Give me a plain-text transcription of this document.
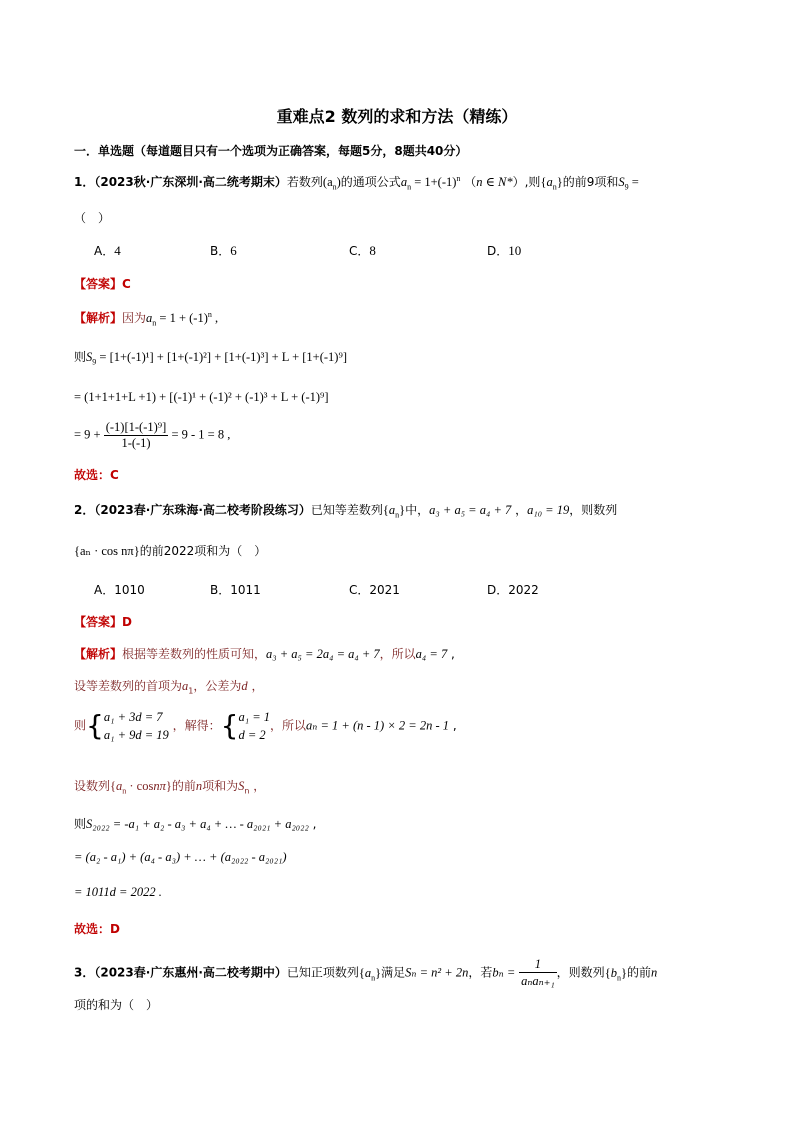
重难点2 数列的求和方法（精练）
一．单选题（每道题目只有一个选项为正确答案，每题5分，8题共40分）
1．（2023秋·广东深圳·高二统考期末）若数列$(a_n)$的通项公式$a_n = 1+(-1)^n$ （n ∈ N*）,则$\{a_n\}$的前9项和$S_9$ =
（　）
A．4	B．6	C．8	D．10
【答案】C
【解析】因为$a_n = 1 + (-1)^n$ ,
则$S_9 = [1+(-1)^1] + [1+(-1)^2] + [1+(-1)^3] + L + [1+(-1)^9]$
= (1+1+1+L +1) + [(-1)¹ + (-1)² + (-1)³ + L + (-1)⁹]
= $9 + \frac{\text{(-1)[1-(-1)⁹]}}{1-(-1)} = 9 - 1 = 8$ ,
故选：C
2．（2023春·广东珠海·高二校考阶段练习）已知等差数列$\{a_n\}$中，a₃ + a₅ = a₄ + 7 ，a₁₀ = 19，则数列
{aₙ · cos nπ}的前2022项和为（　）
A．1010	B．1011	C．2021	D．2022
【答案】D
【解析】根据等差数列的性质可知，a₃ + a₅ = 2a₄ = a₄ + 7，所以a₄ = 7 ,
设等差数列的首项为$a_1$，公差为d ，
则{ a₁ + 3d = 7
a₁ + 9d = 19
，解得：{ a₁ = 1
d = 2
，所以aₙ = 1 + (n - 1) × 2 = 2n - 1 ,
设数列$\{a_n \cdot \cos n\pi\}$的前n项和为$S_n$ ，
则S₂₀₂₂ = -a₁ + a₂ - a₃ + a₄ + … - a₂₀₂₁ + a₂₀₂₂ ,
= (a₂ - a₁) + (a₄ - a₃) + … + (a₂₀₂₂ - a₂₀₂₁)
= 1011d = 2022 .
故选：D
3．（2023春·广东惠州·高二校考期中）已知正项数列$\{a_n\}$满足Sₙ = n² + 2n，若$b_n = \frac{1}{\text{aₙaₙ₊₁}}$ ，则数列$\{b_n\}$的前n
项的和为（　）
